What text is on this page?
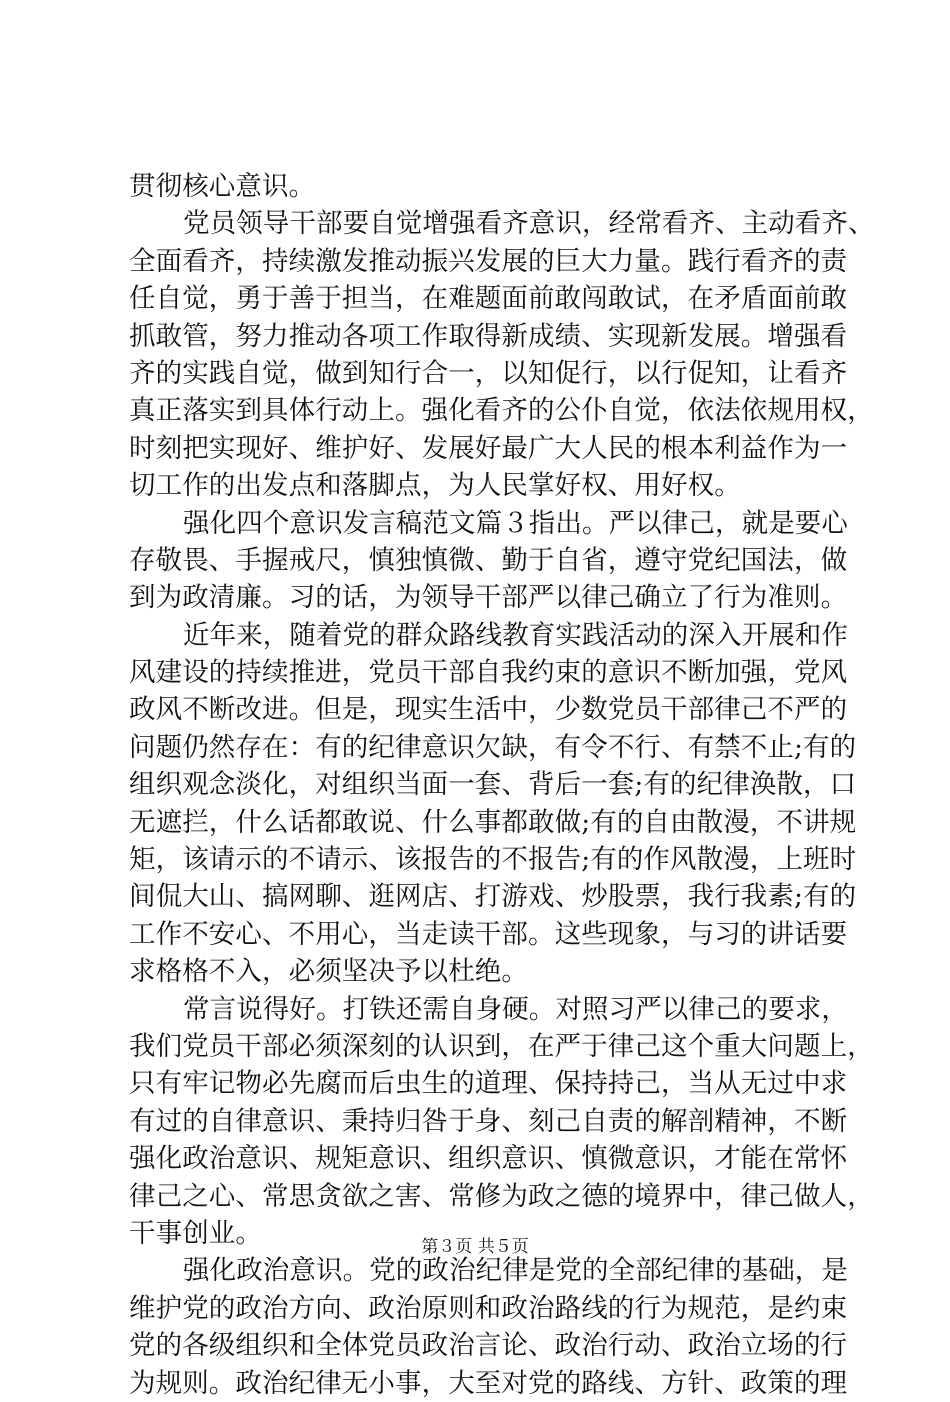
贯彻核心意识。
党员领导干部要自觉增强看齐意识，经常看齐、主动看齐、
全面看齐，持续激发推动振兴发展的巨大力量。践行看齐的责
任自觉，勇于善于担当，在难题面前敢闯敢试，在矛盾面前敢
抓敢管，努力推动各项工作取得新成绩、实现新发展。增强看
齐的实践自觉，做到知行合一，以知促行，以行促知，让看齐
真正落实到具体行动上。强化看齐的公仆自觉，依法依规用权，
时刻把实现好、维护好、发展好最广大人民的根本利益作为一
切工作的出发点和落脚点，为人民掌好权、用好权。
强化四个意识发言稿范文篇３指出。严以律己，就是要心
存敬畏、手握戒尺，慎独慎微、勤于自省，遵守党纪国法，做
到为政清廉。习的话，为领导干部严以律己确立了行为准则。
近年来，随着党的群众路线教育实践活动的深入开展和作
风建设的持续推进，党员干部自我约束的意识不断加强，党风
政风不断改进。但是，现实生活中，少数党员干部律己不严的
问题仍然存在：有的纪律意识欠缺，有令不行、有禁不止;有的
组织观念淡化，对组织当面一套、背后一套;有的纪律涣散，口
无遮拦，什么话都敢说、什么事都敢做;有的自由散漫，不讲规
矩，该请示的不请示、该报告的不报告;有的作风散漫，上班时
间侃大山、搞网聊、逛网店、打游戏、炒股票，我行我素;有的
工作不安心、不用心，当走读干部。这些现象，与习的讲话要
求格格不入，必须坚决予以杜绝。
常言说得好。打铁还需自身硬。对照习严以律己的要求，
我们党员干部必须深刻的认识到，在严于律己这个重大问题上，
只有牢记物必先腐而后虫生的道理、保持持己，当从无过中求
有过的自律意识、秉持归咎于身、刻己自责的解剖精神，不断
强化政治意识、规矩意识、组织意识、慎微意识，才能在常怀
律己之心、常思贪欲之害、常修为政之德的境界中，律己做人，
干事创业。
强化政治意识。党的政治纪律是党的全部纪律的基础，是
维护党的政治方向、政治原则和政治路线的行为规范，是约束
党的各级组织和全体党员政治言论、政治行动、政治立场的行
为规则。政治纪律无小事，大至对党的路线、方针、政策的理
第３页 共５页
